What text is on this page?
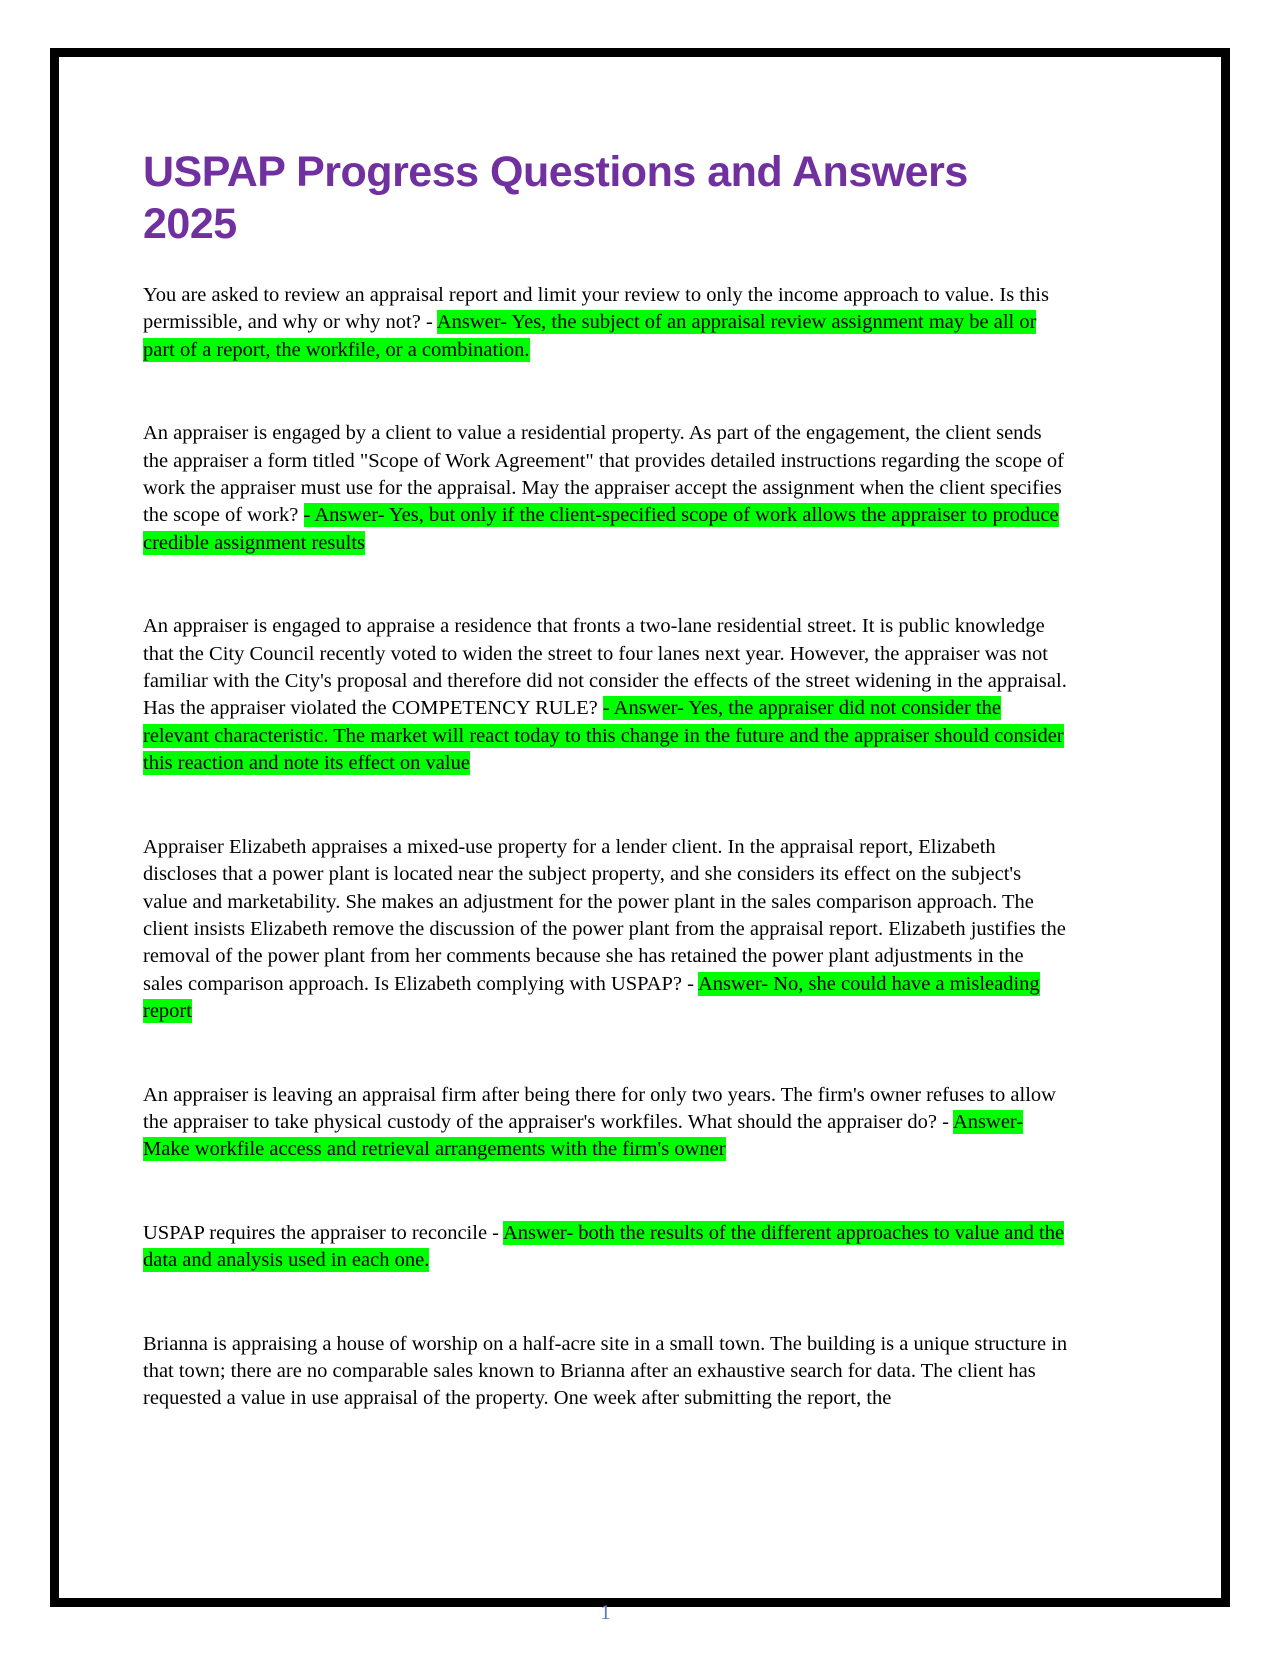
USPAP Progress Questions and Answers 2025

You are asked to review an appraisal report and limit your review to only the income approach to value. Is this permissible, and why or why not? - Answer- Yes, the subject of an appraisal review assignment may be all or part of a report, the workfile, or a combination.

An appraiser is engaged by a client to value a residential property. As part of the engagement, the client sends the appraiser a form titled "Scope of Work Agreement" that provides detailed instructions regarding the scope of work the appraiser must use for the appraisal. May the appraiser accept the assignment when the client specifies the scope of work? - Answer- Yes, but only if the client-specified scope of work allows the appraiser to produce credible assignment results

An appraiser is engaged to appraise a residence that fronts a two-lane residential street. It is public knowledge that the City Council recently voted to widen the street to four lanes next year. However, the appraiser was not familiar with the City's proposal and therefore did not consider the effects of the street widening in the appraisal. Has the appraiser violated the COMPETENCY RULE? - Answer- Yes, the appraiser did not consider the relevant characteristic. The market will react today to this change in the future and the appraiser should consider this reaction and note its effect on value

Appraiser Elizabeth appraises a mixed-use property for a lender client. In the appraisal report, Elizabeth discloses that a power plant is located near the subject property, and she considers its effect on the subject's value and marketability. She makes an adjustment for the power plant in the sales comparison approach. The client insists Elizabeth remove the discussion of the power plant from the appraisal report. Elizabeth justifies the removal of the power plant from her comments because she has retained the power plant adjustments in the sales comparison approach. Is Elizabeth complying with USPAP? - Answer- No, she could have a misleading report

An appraiser is leaving an appraisal firm after being there for only two years. The firm's owner refuses to allow the appraiser to take physical custody of the appraiser's workfiles. What should the appraiser do? - Answer- Make workfile access and retrieval arrangements with the firm's owner

USPAP requires the appraiser to reconcile - Answer- both the results of the different approaches to value and the data and analysis used in each one.

Brianna is appraising a house of worship on a half-acre site in a small town. The building is a unique structure in that town; there are no comparable sales known to Brianna after an exhaustive search for data. The client has requested a value in use appraisal of the property. One week after submitting the report, the

1
